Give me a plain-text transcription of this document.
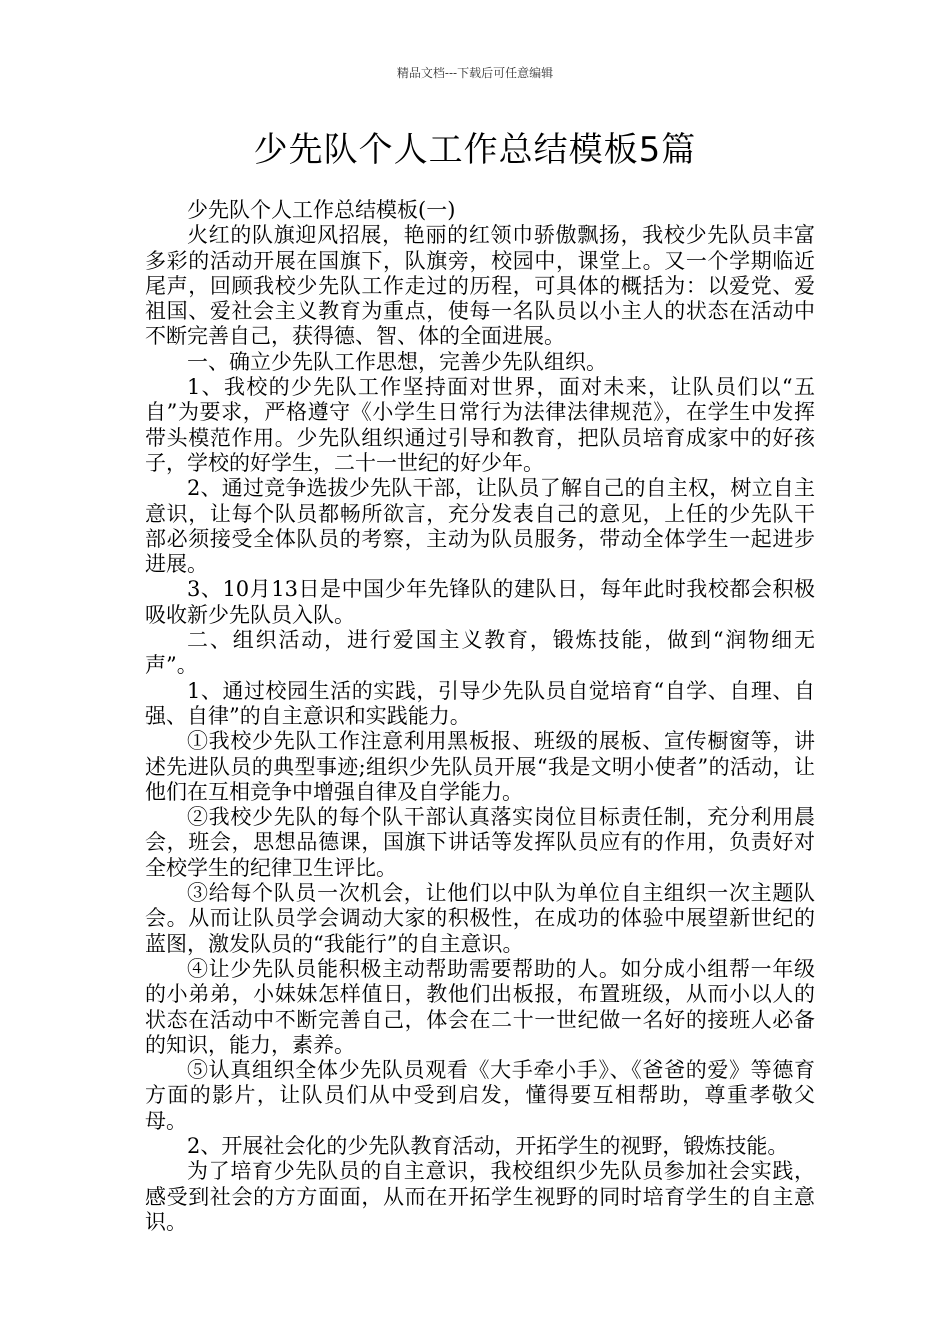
精品文档---下载后可任意编辑
少先队个人工作总结模板5篇

少先队个人工作总结模板(一)

火红的队旗迎风招展，艳丽的红领巾骄傲飘扬，我校少先队员丰富多彩的活动开展在国旗下，队旗旁，校园中，课堂上。又一个学期临近尾声，回顾我校少先队工作走过的历程，可具体的概括为：以爱党、爱祖国、爱社会主义教育为重点，使每一名队员以小主人的状态在活动中不断完善自己，获得德、智、体的全面进展。

一、确立少先队工作思想，完善少先队组织。

1、我校的少先队工作坚持面对世界，面对未来，让队员们以“五自”为要求，严格遵守《小学生日常行为法律法律规范》，在学生中发挥带头模范作用。少先队组织通过引导和教育，把队员培育成家中的好孩子，学校的好学生，二十一世纪的好少年。

2、通过竞争选拔少先队干部，让队员了解自己的自主权，树立自主意识，让每个队员都畅所欲言，充分发表自己的意见，上任的少先队干部必须接受全体队员的考察，主动为队员服务，带动全体学生一起进步进展。

3、10月13日是中国少年先锋队的建队日，每年此时我校都会积极吸收新少先队员入队。

二、组织活动，进行爱国主义教育，锻炼技能，做到“润物细无声”。

1、通过校园生活的实践，引导少先队员自觉培育“自学、自理、自强、自律”的自主意识和实践能力。

①我校少先队工作注意利用黑板报、班级的展板、宣传橱窗等，讲述先进队员的典型事迹;组织少先队员开展“我是文明小使者”的活动，让他们在互相竞争中增强自律及自学能力。

②我校少先队的每个队干部认真落实岗位目标责任制，充分利用晨会，班会，思想品德课，国旗下讲话等发挥队员应有的作用，负责好对全校学生的纪律卫生评比。

③给每个队员一次机会，让他们以中队为单位自主组织一次主题队会。从而让队员学会调动大家的积极性，在成功的体验中展望新世纪的蓝图，激发队员的“我能行”的自主意识。

④让少先队员能积极主动帮助需要帮助的人。如分成小组帮一年级的小弟弟，小妹妹怎样值日，教他们出板报，布置班级，从而小以人的状态在活动中不断完善自己，体会在二十一世纪做一名好的接班人必备的知识，能力，素养。

⑤认真组织全体少先队员观看《大手牵小手》、《爸爸的爱》等德育方面的影片，让队员们从中受到启发，懂得要互相帮助，尊重孝敬父母。

2、开展社会化的少先队教育活动，开拓学生的视野，锻炼技能。

为了培育少先队员的自主意识，我校组织少先队员参加社会实践，感受到社会的方方面面，从而在开拓学生视野的同时培育学生的自主意识。
